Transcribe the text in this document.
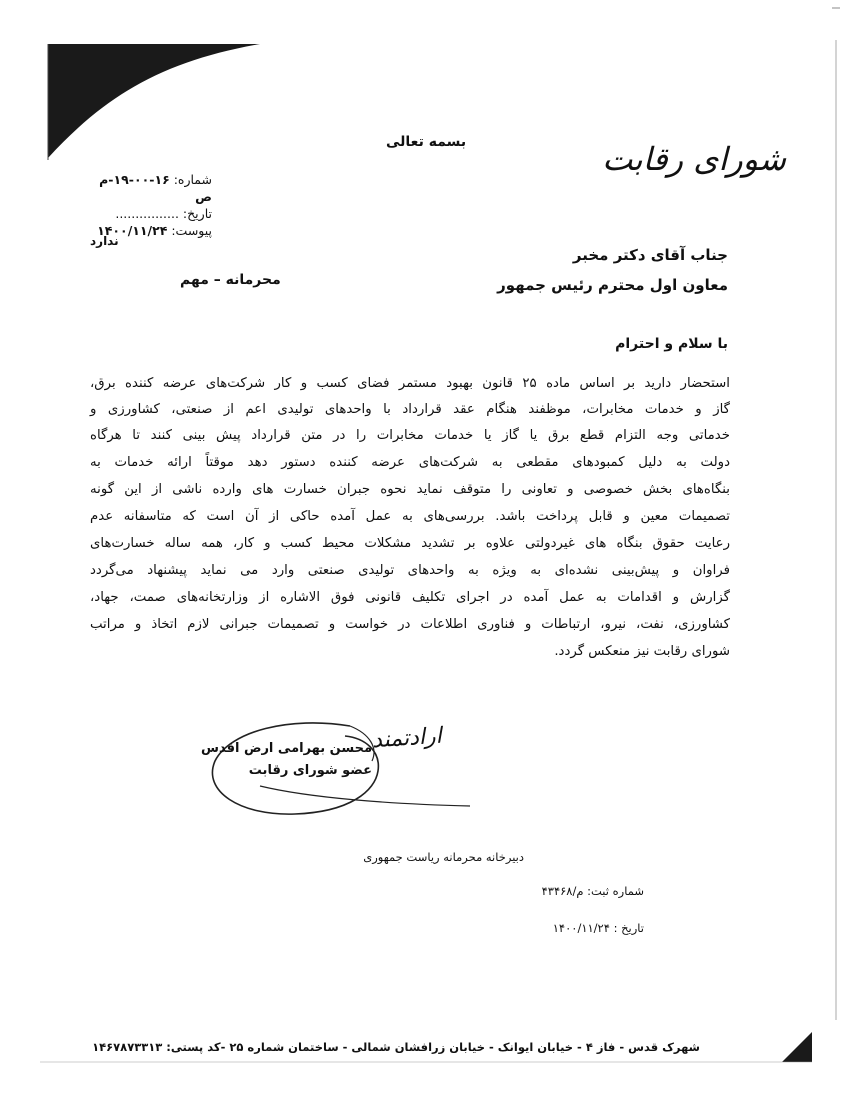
شورای رقابت
بسمه تعالی
شماره: ۱۶-۰۰-۱۹-م ص
تاریخ: ................
پیوست: ۱۴۰۰/۱۱/۲۴
ندارد
جناب آقای دکتر مخبر
معاون اول محترم رئیس جمهور
محرمانه – مهم
با سلام و احترام
استحضار دارید بر اساس ماده ۲۵ قانون بهبود مستمر فضای کسب و کار شرکت‌های عرضه کننده برق،
گاز و خدمات مخابرات، موظفند هنگام عقد قرارداد با واحدهای تولیدی اعم از صنعتی، کشاورزی و
خدماتی وجه التزام قطع برق یا گاز یا خدمات مخابرات را در متن قرارداد پیش بینی کنند تا هرگاه
دولت به دلیل کمبودهای مقطعی به شرکت‌های عرضه کننده دستور دهد موقتاً ارائه خدمات به
بنگاه‌های بخش خصوصی و تعاونی را متوقف نماید نحوه جبران خسارت های وارده ناشی از این گونه
تصمیمات معین و قابل پرداخت باشد. بررسی‌های به عمل آمده حاکی از آن است که متاسفانه عدم
رعایت حقوق بنگاه های غیردولتی علاوه بر تشدید مشکلات محیط کسب و کار، همه ساله خسارت‌های
فراوان و پیش‌بینی نشده‌ای به ویژه به واحدهای تولیدی صنعتی وارد می نماید پیشنهاد می‌گردد
گزارش و اقدامات به عمل آمده در اجرای تکلیف قانونی فوق الاشاره از وزارتخانه‌های صمت، جهاد،
کشاورزی، نفت، نیرو، ارتباطات و فناوری اطلاعات در خواست و تصمیمات جبرانی لازم اتخاذ و مراتب
شورای رقابت نیز منعکس گردد.
ارادتمند
محسن بهرامی ارض اقدس
عضو شورای رقابت
دبیرخانه محرمانه ریاست جمهوری
شماره ثبت: م/۴۳۴۶۸
تاریخ : ۱۴۰۰/۱۱/۲۴
شهرک قدس - فاز ۴ - خیابان ایوانک - خیابان زرافشان شمالی - ساختمان شماره ۲۵ -کد پستی: ۱۴۶۷۸۷۳۳۱۳
